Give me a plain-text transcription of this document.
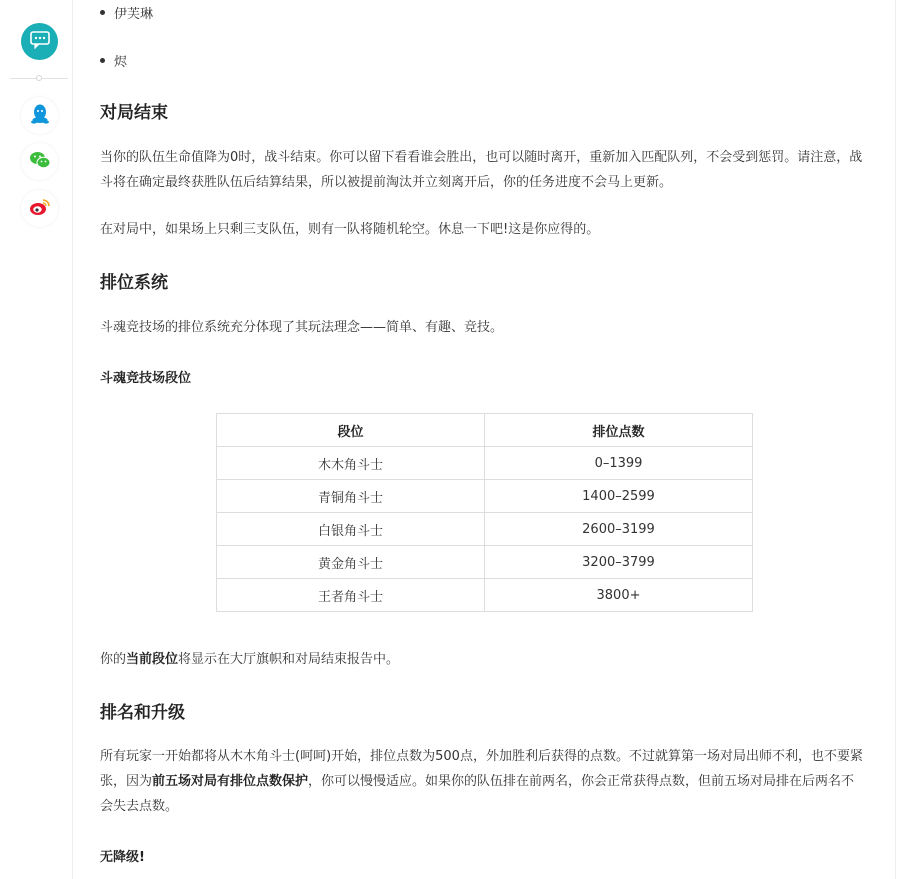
伊芙琳
烬
对局结束

当你的队伍生命值降为0时，战斗结束。你可以留下看看谁会胜出，也可以随时离开，重新加入匹配队列，不会受到惩罚。请注意，战斗将在确定最终获胜队伍后结算结果，所以被提前淘汰并立刻离开后，你的任务进度不会马上更新。

在对局中，如果场上只剩三支队伍，则有一队将随机轮空。休息一下吧!这是你应得的。

排位系统

斗魂竞技场的排位系统充分体现了其玩法理念——简单、有趣、竞技。

斗魂竞技场段位

段位	排位点数
木木角斗士	0–1399
青铜角斗士	1400–2599
白银角斗士	2600–3199
黄金角斗士	3200–3799
王者角斗士	3800+

你的当前段位将显示在大厅旗帜和对局结束报告中。

排名和升级

所有玩家一开始都将从木木角斗士(呵呵)开始，排位点数为500点，外加胜利后获得的点数。不过就算第一场对局出师不利，也不要紧张，因为前五场对局有排位点数保护，你可以慢慢适应。如果你的队伍排在前两名，你会正常获得点数，但前五场对局排在后两名不会失去点数。

无降级!
